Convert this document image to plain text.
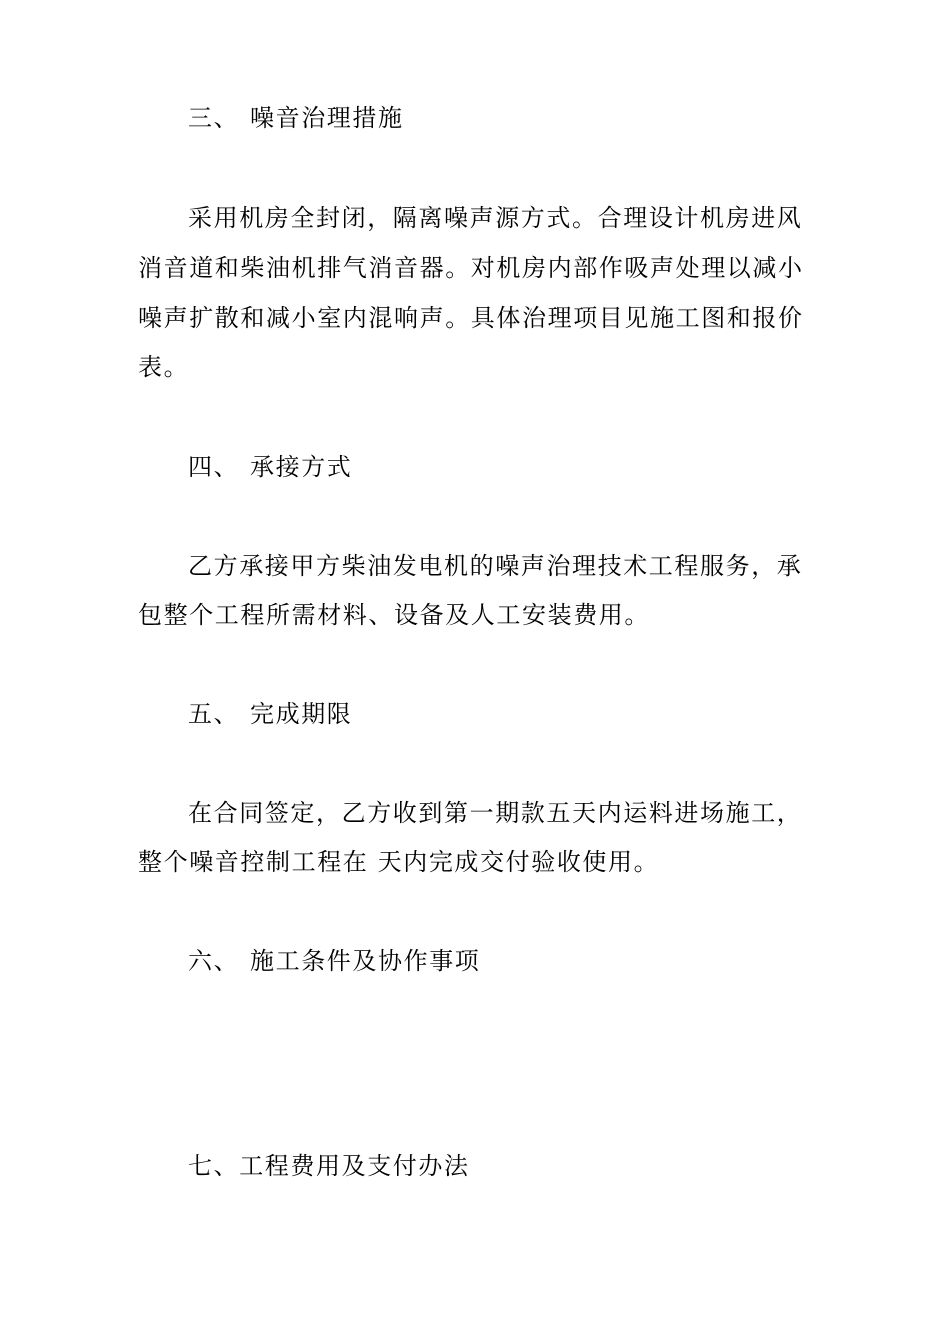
三、 噪音治理措施
采用机房全封闭，隔离噪声源方式。合理设计机房进风
消音道和柴油机排气消音器。对机房内部作吸声处理以减小
噪声扩散和减小室内混响声。具体治理项目见施工图和报价
表。
四、 承接方式
乙方承接甲方柴油发电机的噪声治理技术工程服务，承
包整个工程所需材料、设备及人工安装费用。
五、 完成期限
在合同签定，乙方收到第一期款五天内运料进场施工，
整个噪音控制工程在 天内完成交付验收使用。
六、 施工条件及协作事项
七、工程费用及支付办法
